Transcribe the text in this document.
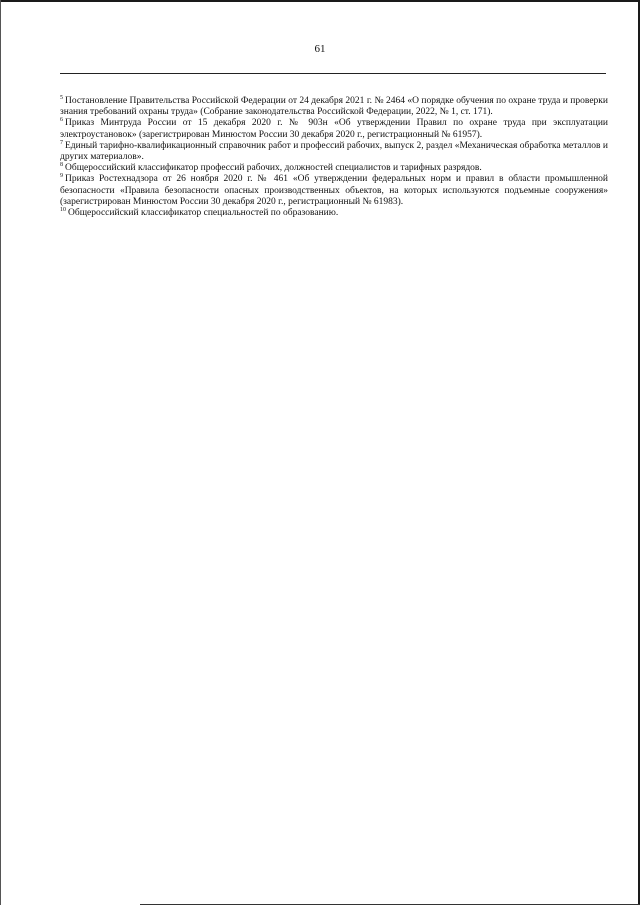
61

$^5$ Постановление Правительства Российской Федерации от 24 декабря 2021 г. № 2464 «О порядке обучения по охране труда и проверки знания требований охраны труда» (Собрание законодательства Российской Федерации, 2022, № 1, ст. 171).

$^6$ Приказ Минтруда России от 15 декабря 2020 г. № 903н «Об утверждении Правил по охране труда при эксплуатации электроустановок» (зарегистрирован Минюстом России 30 декабря 2020 г., регистрационный № 61957).

$^7$ Единый тарифно-квалификационный справочник работ и профессий рабочих, выпуск 2, раздел «Механическая обработка металлов и других материалов».

$^8$ Общероссийский классификатор профессий рабочих, должностей специалистов и тарифных разрядов.

$^9$ Приказ Ростехнадзора от 26 ноября 2020 г. № 461 «Об утверждении федеральных норм и правил в области промышленной безопасности «Правила безопасности опасных производственных объектов, на которых используются подъемные сооружения» (зарегистрирован Минюстом России 30 декабря 2020 г., регистрационный № 61983).

$^{10}$ Общероссийский классификатор специальностей по образованию.
